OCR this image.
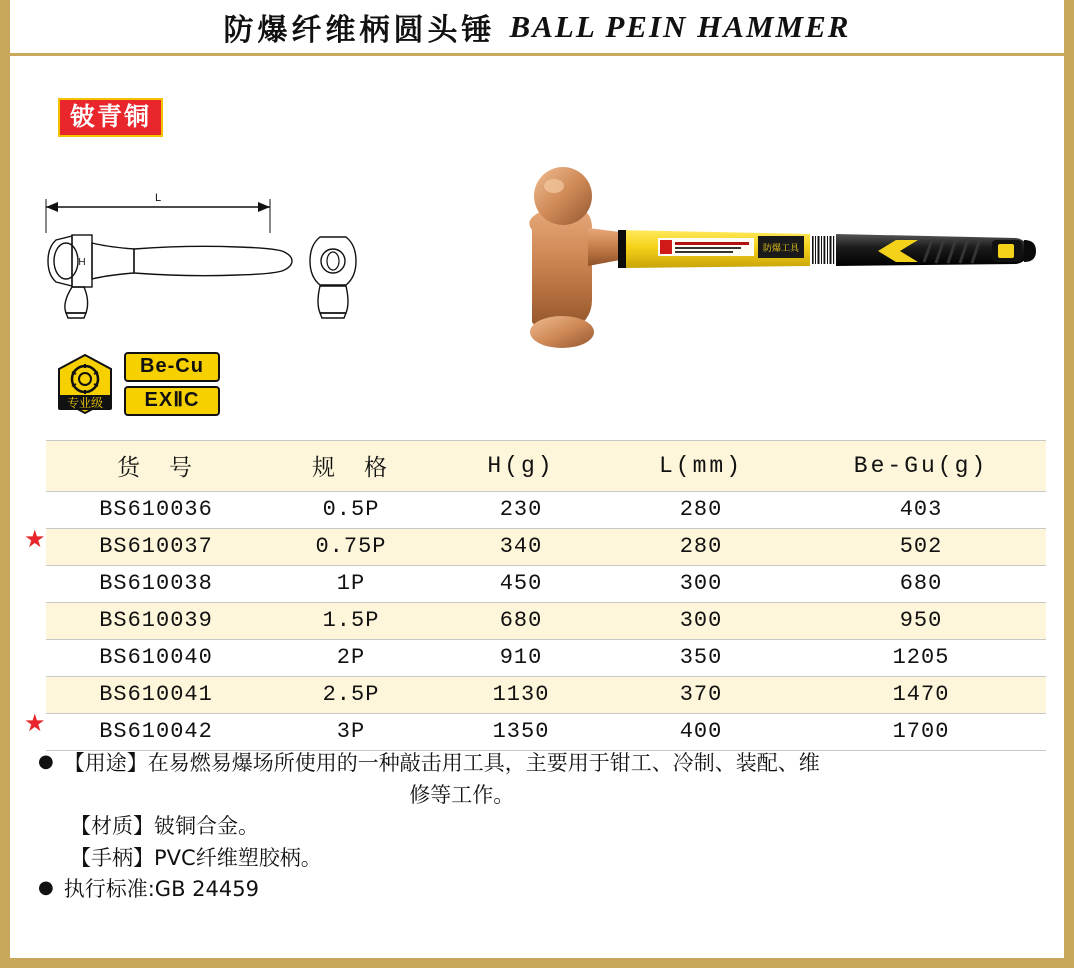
防爆纤维柄圆头锤 BALL PEIN HAMMER
铍青铜
L
H
防爆工具
专业级
Be-Cu
EXⅡC
货　号	规　格	H(g)	L(mm)	Be-Gu(g)
BS610036	0.5P	230	280	403
BS610037	0.75P	340	280	502
BS610038	1P	450	300	680
BS610039	1.5P	680	300	950
BS610040	2P	910	350	1205
BS610041	2.5P	1130	370	1470
BS610042	3P	1350	400	1700
★
★
● 【用途】在易燃易爆场所使用的一种敲击用工具，主要用于钳工、冷制、装配、维
修等工作。
【材质】铍铜合金。
【手柄】PVC纤维塑胶柄。
● 执行标准:GB 24459
